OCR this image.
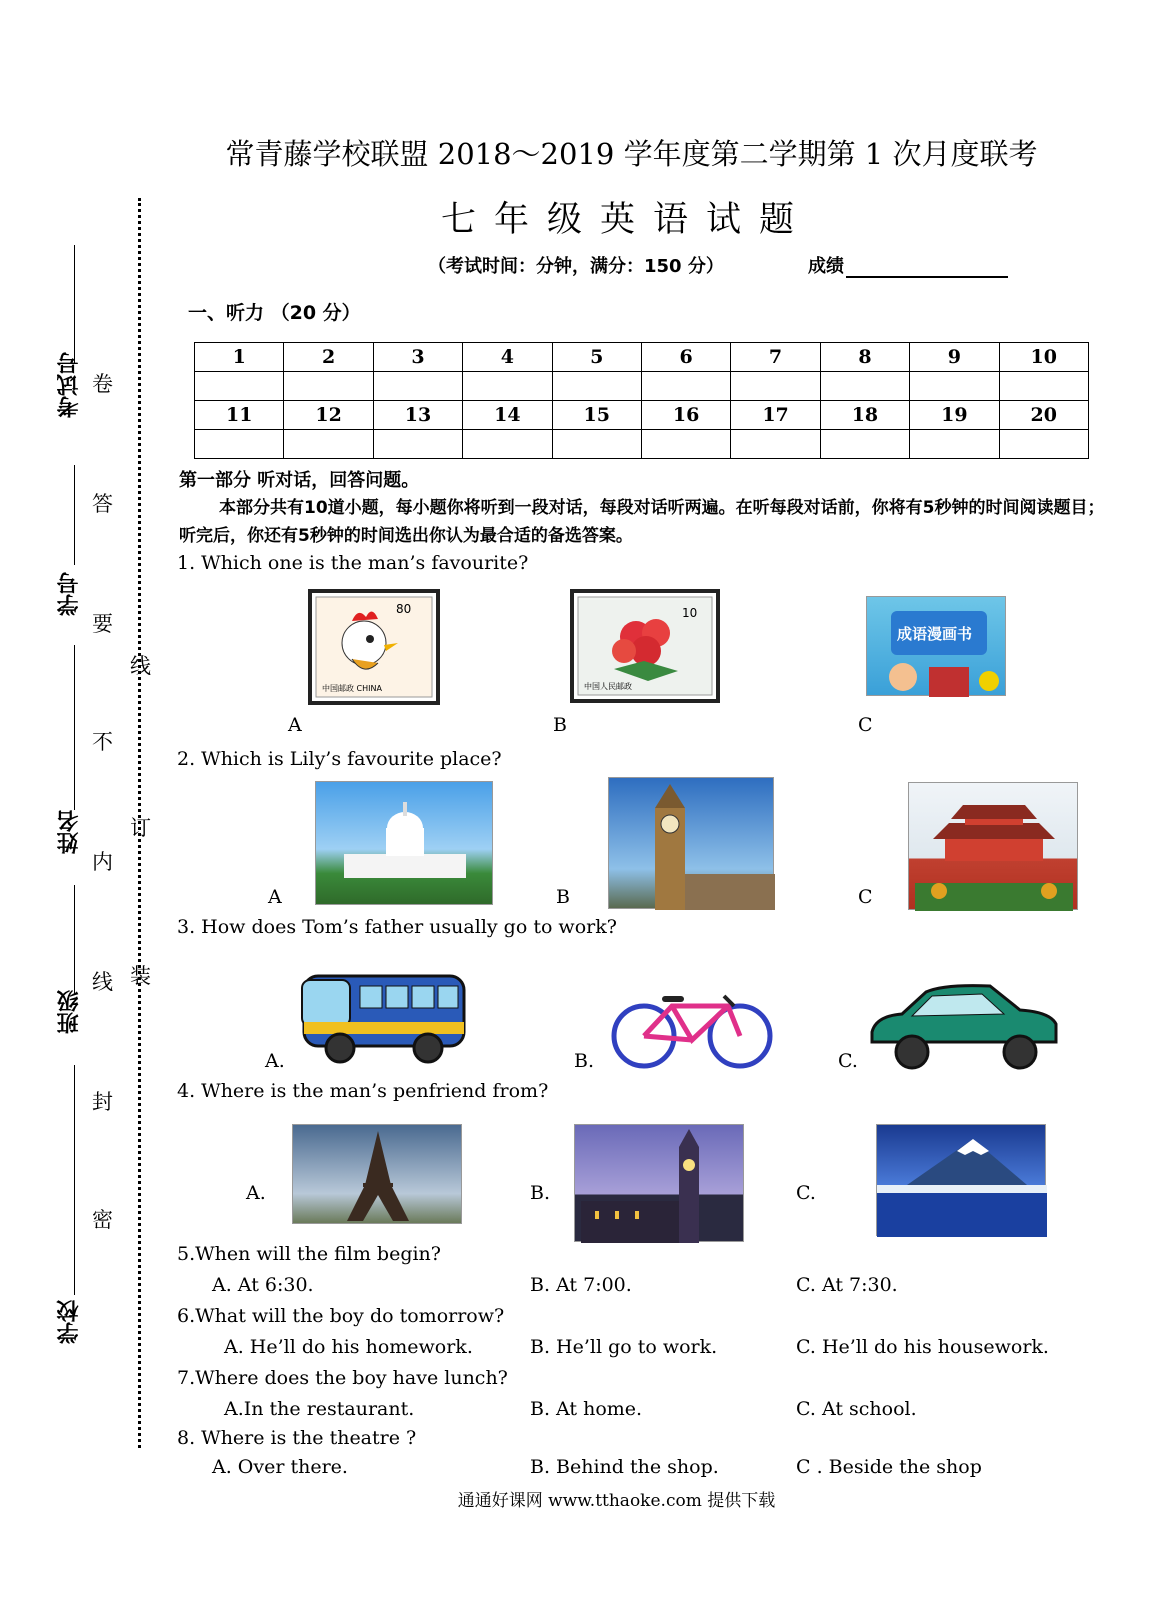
考试号
学号
姓名
班级
学校
卷
答
要
不
内
线
封
密
线
订
装
常青藤学校联盟 2018～2019 学年度第二学期第 1 次月度联考
七年级英语试题
（考试时间：分钟，满分：150 分）	成绩
一、听力 （20 分）
1	2	3	4	5	6	7	8	9	10

11	12	13	14	15	16	17	18	19	20

第一部分 听对话，回答问题。
本部分共有10道小题，每小题你将听到一段对话，每段对话听两遍。在听每段对话前，你将有5秒钟的时间阅读题目；听完后，你还有5秒钟的时间选出你认为最合适的备选答案。
1. Which one is the man’s favourite?
80
中国邮政 CHINA
10
中国人民邮政
成语漫画书
A	B	C
2. Which is Lily’s favourite place?
A	B	C
3. How does Tom’s father usually go to work?
A.	B.	C.
4. Where is the man’s penfriend from?
A.	B.	C.
5.When will the film begin?
A. At 6:30.	B. At 7:00.	C. At 7:30.
6.What will the boy do tomorrow?
A. He’ll do his homework.	B. He’ll go to work.	C. He’ll do his housework.
7.Where does the boy have lunch?
A.In the restaurant.	B. At home.	C. At school.
8. Where is the theatre ?
A. Over there.	B. Behind the shop.	C . Beside the shop
通通好课网 www.tthaoke.com 提供下载
